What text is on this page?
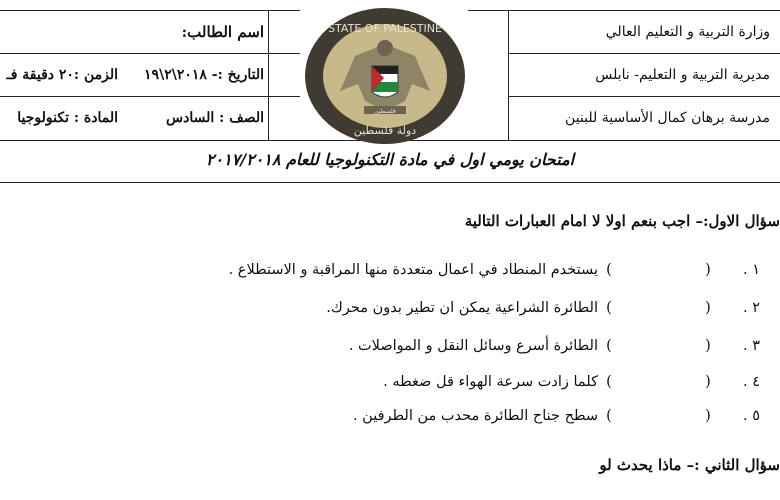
وزارة التربية و التعليم العالي
مديرية التربية و التعليم- نابلس
مدرسة برهان كمال الأساسية للبنين
اسم الطالب:
التاريخ :- ٢٠١٨\٢\١٩
الزمن :٢٠ دقيقة فـ
الصف : السادس
المادة : تكنولوجيا
STATE OF PALESTINE
دولة فلسطين
فلسطين
امتحان يومي اول في مادة التكنولوجيا للعام ٢٠١٧/٢٠١٨
سؤال الاول:– اجب بنعم اولا لا امام العبارات التالية
١ .
(
)
يستخدم المنطاد في اعمال متعددة منها المراقبة و الاستطلاع .
٢ .
(
)
الطائرة الشراعية يمكن ان تطير بدون محرك.
٣ .
(
)
الطائرة أسرع وسائل النقل و المواصلات .
٤ .
(
)
كلما زادت سرعة الهواء قل ضغطه .
٥ .
(
)
سطح جناح الطائرة محدب من الطرفين .
سؤال الثاني :– ماذا يحدث لو
